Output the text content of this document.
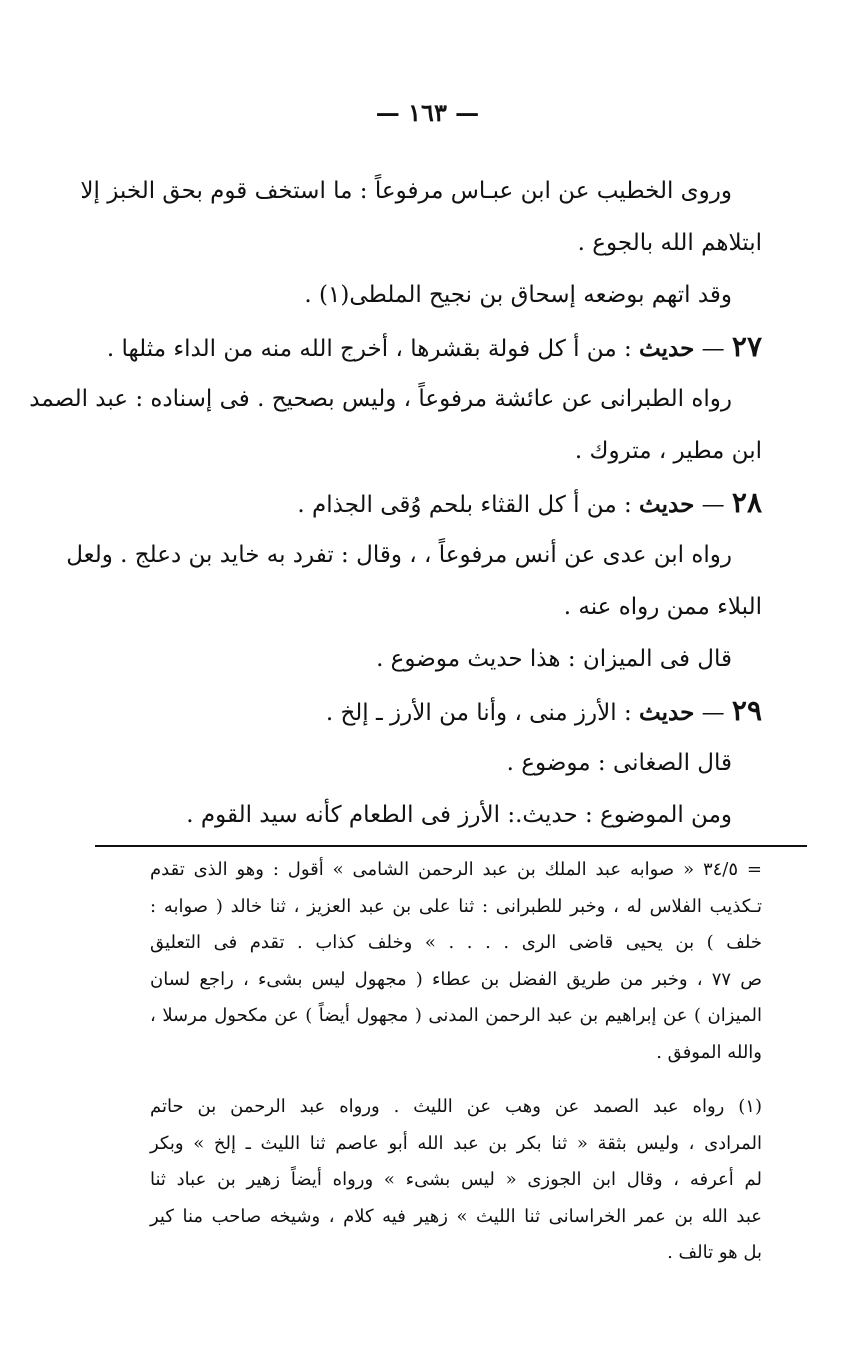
— ١٦٣ —
وروى الخطيب عن ابن عبـاس مرفوعاً : ما استخف قوم بحق الخبز إلا
ابتلاهم الله بالجوع .
وقد اتهم بوضعه إسحاق بن نجيح الملطى(١) .
٢٧ — حديث : من أ كل فولة بقشرها ، أخرج الله منه من الداء مثلها .
رواه الطبرانى عن عائشة مرفوعاً ، وليس بصحيح . فى إسناده : عبد الصمد
ابن مطير ، متروك .
٢٨ — حديث : من أ كل القثاء بلحم وُقى الجذام .
رواه ابن عدى عن أنس مرفوعاً ، ، وقال : تفرد به خايد بن دعلج . ولعل
البلاء ممن رواه عنه .
قال فى الميزان : هذا حديث موضوع .
٢٩ — حديث : الأرز منى ، وأنا من الأرز ـ إلخ .
قال الصغانى : موضوع .
ومن الموضوع : حديث.: الأرز فى الطعام كأنه سيد القوم .
= ٣٤/٥ « صوابه عبد الملك بن عبد الرحمن الشامى » أقول : وهو الذى تقدم
تـكذيب الفلاس له ، وخبر للطبرانى : ثنا على بن عبد العزيز ، ثنا خالد ( صوابه :
خلف ) بن يحيى قاضى الرى . . . . » وخلف كذاب . تقدم فى التعليق
ص ٧٧ ، وخبر من طريق الفضل بن عطاء ( مجهول ليس بشىء ، راجع لسان
الميزان ) عن إبراهيم بن عبد الرحمن المدنى ( مجهول أيضاً ) عن مكحول مرسلا ،
والله الموفق .
(١) رواه عبد الصمد عن وهب عن الليث . ورواه عبد الرحمن بن حاتم
المرادى ، وليس بثقة « ثنا بكر بن عبد الله أبو عاصم ثنا الليث ـ إلخ » وبكر
لم أعرفه ، وقال ابن الجوزى « ليس بشىء » ورواه أيضاً زهير بن عباد ثنا
عبد الله بن عمر الخراسانى ثنا الليث » زهير فيه كلام ، وشيخه صاحب منا كير
بل هو تالف .
